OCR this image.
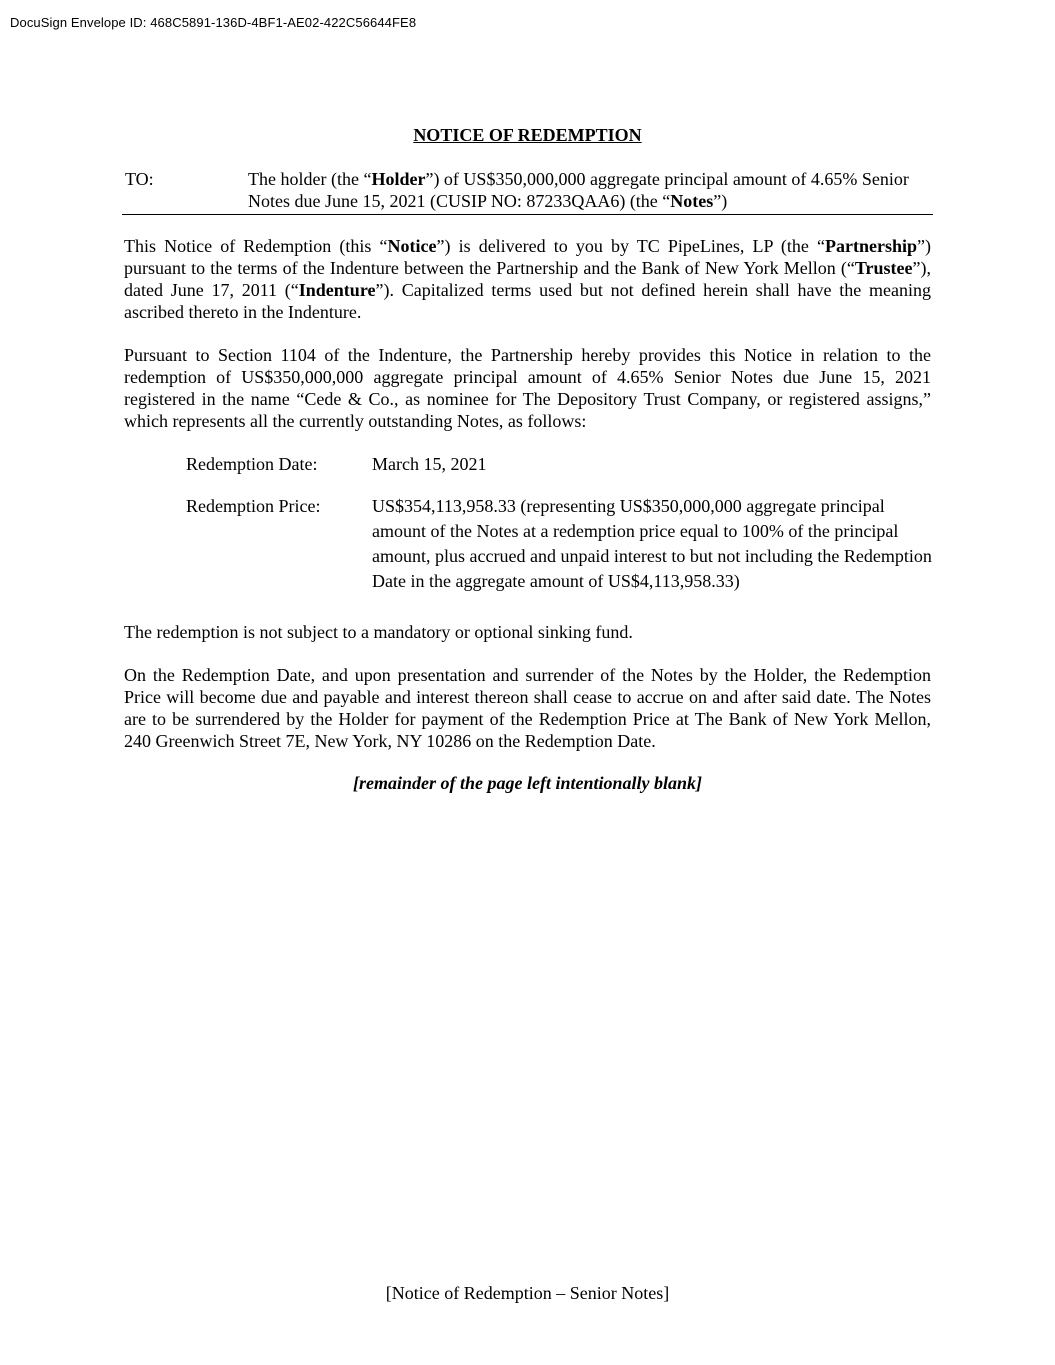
DocuSign Envelope ID: 468C5891-136D-4BF1-AE02-422C56644FE8
NOTICE OF REDEMPTION
TO:	The holder (the “Holder”) of US$350,000,000 aggregate principal amount of 4.65% Senior Notes due June 15, 2021 (CUSIP NO: 87233QAA6) (the “Notes”)

This Notice of Redemption (this “Notice”) is delivered to you by TC PipeLines, LP (the “Partnership”) pursuant to the terms of the Indenture between the Partnership and the Bank of New York Mellon (“Trustee”), dated June 17, 2011 (“Indenture”). Capitalized terms used but not defined herein shall have the meaning ascribed thereto in the Indenture.

Pursuant to Section 1104 of the Indenture, the Partnership hereby provides this Notice in relation to the redemption of US$350,000,000 aggregate principal amount of 4.65% Senior Notes due June 15, 2021 registered in the name “Cede & Co., as nominee for The Depository Trust Company, or registered assigns,” which represents all the currently outstanding Notes, as follows:

Redemption Date:	March 15, 2021
Redemption Price:	US$354,113,958.33 (representing US$350,000,000 aggregate principal amount of the Notes at a redemption price equal to 100% of the principal amount, plus accrued and unpaid interest to but not including the Redemption Date in the aggregate amount of US$4,113,958.33)

The redemption is not subject to a mandatory or optional sinking fund.

On the Redemption Date, and upon presentation and surrender of the Notes by the Holder, the Redemption Price will become due and payable and interest thereon shall cease to accrue on and after said date. The Notes are to be surrendered by the Holder for payment of the Redemption Price at The Bank of New York Mellon, 240 Greenwich Street 7E, New York, NY 10286 on the Redemption Date.

[remainder of the page left intentionally blank]
[Notice of Redemption – Senior Notes]
